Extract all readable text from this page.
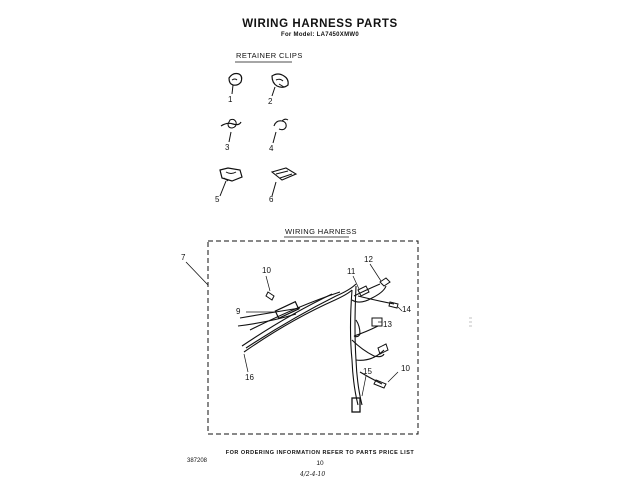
WIRING HARNESS PARTS
For Model: LA7450XMW0
RETAINER CLIPS
1	2
3	4
5	6
WIRING HARNESS
7
10	11
12
9	14
13
16
15	10
FOR ORDERING INFORMATION REFER TO PARTS PRICE LIST
387208	10
4/2-4-10
